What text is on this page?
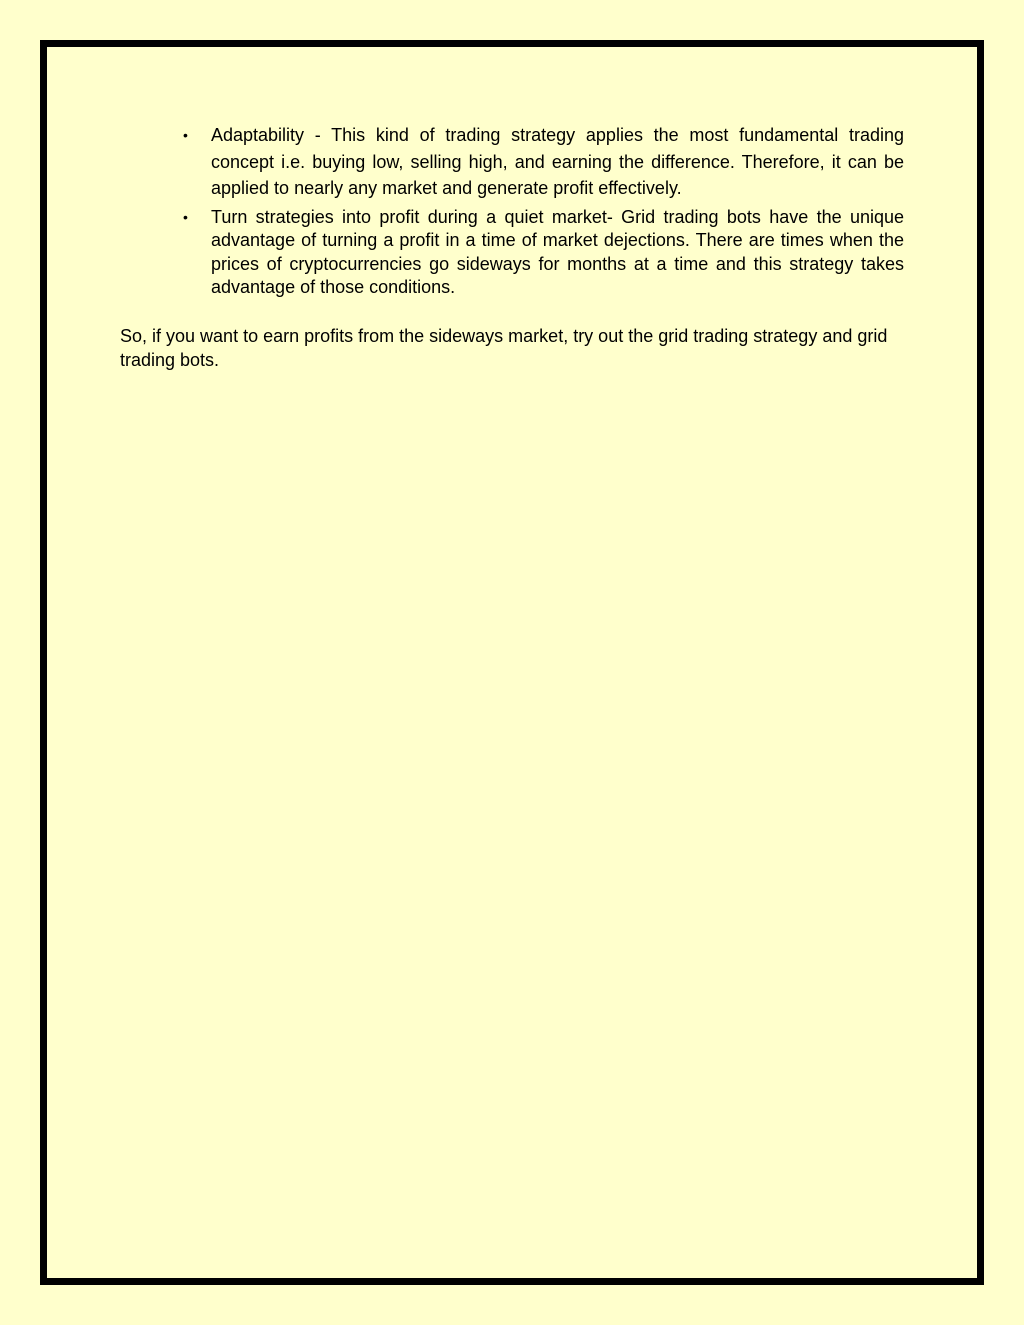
• Adaptability - This kind of trading strategy applies the most fundamental trading concept i.e. buying low, selling high, and earning the difference. Therefore, it can be applied to nearly any market and generate profit effectively.
• Turn strategies into profit during a quiet market- Grid trading bots have the unique advantage of turning a profit in a time of market dejections. There are times when the prices of cryptocurrencies go sideways for months at a time and this strategy takes advantage of those conditions.

So, if you want to earn profits from the sideways market, try out the grid trading strategy and grid trading bots.
